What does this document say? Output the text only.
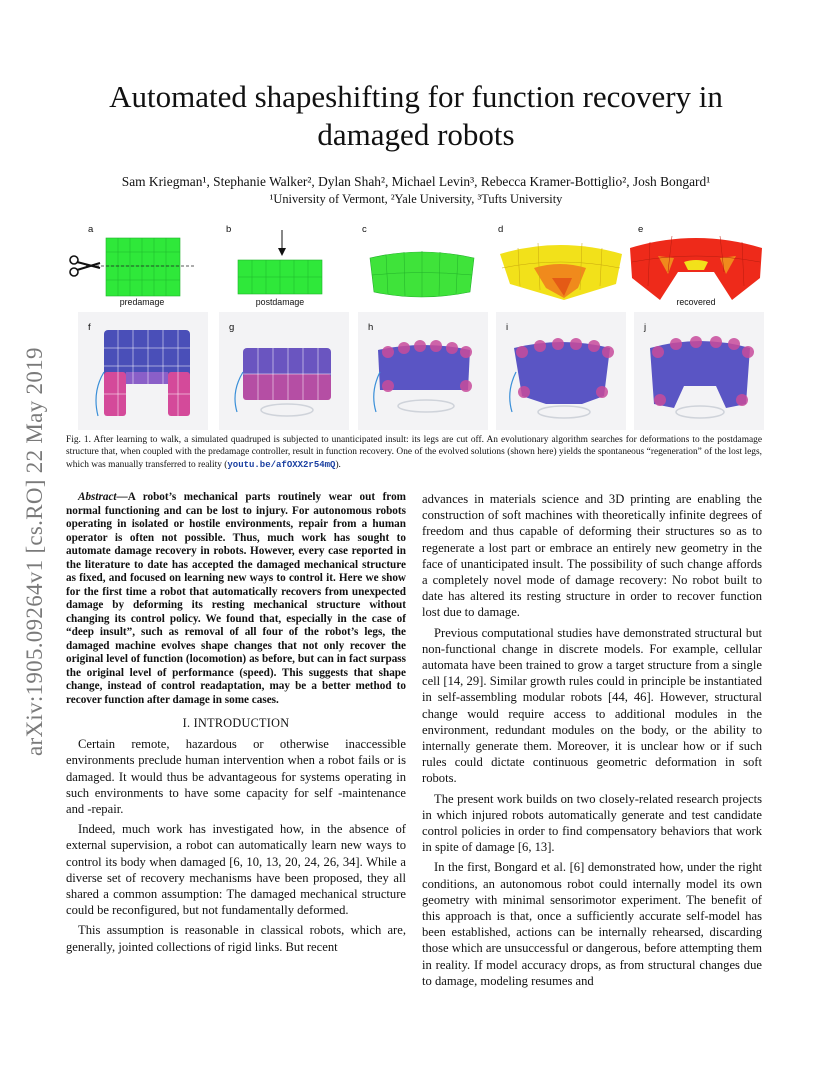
arXiv:1905.09264v1 [cs.RO] 22 May 2019
Automated shapeshifting for function recovery in damaged robots
Sam Kriegman¹, Stephanie Walker², Dylan Shah², Michael Levin³, Rebecca Kramer-Bottiglio², Josh Bongard¹
¹University of Vermont, ²Yale University, ³Tufts University
a	b	c	d	e
predamage	postdamage	recovered
f	g	h	i	j
Fig. 1. After learning to walk, a simulated quadruped is subjected to unanticipated insult: its legs are cut off. An evolutionary algorithm searches for deformations to the postdamage structure that, when coupled with the predamage controller, result in function recovery. One of the evolved solutions (shown here) yields the spontaneous “regeneration” of the lost legs, which was manually transferred to reality (youtu.be/afOXX2r54mQ).

Abstract—A robot’s mechanical parts routinely wear out from normal functioning and can be lost to injury. For autonomous robots operating in isolated or hostile environments, repair from a human operator is often not possible. Thus, much work has sought to automate damage recovery in robots. However, every case reported in the literature to date has accepted the damaged mechanical structure as fixed, and focused on learning new ways to control it. Here we show for the first time a robot that automatically recovers from unexpected damage by deforming its resting mechanical structure without changing its control policy. We found that, especially in the case of “deep insult”, such as removal of all four of the robot’s legs, the damaged machine evolves shape changes that not only recover the original level of function (locomotion) as before, but can in fact surpass the original level of performance (speed). This suggests that shape change, instead of control readaptation, may be a better method to recover function after damage in some cases.

I. INTRODUCTION

Certain remote, hazardous or otherwise inaccessible environments preclude human intervention when a robot fails or is damaged. It would thus be advantageous for systems operating in such environments to have some capacity for self -maintenance and -repair.

Indeed, much work has investigated how, in the absence of external supervision, a robot can automatically learn new ways to control its body when damaged [6, 10, 13, 20, 24, 26, 34]. While a diverse set of recovery mechanisms have been proposed, they all shared a common assumption: The damaged mechanical structure could be reconfigured, but not fundamentally deformed.

This assumption is reasonable in classical robots, which are, generally, jointed collections of rigid links. But recent

advances in materials science and 3D printing are enabling the construction of soft machines with theoretically infinite degrees of freedom and thus capable of deforming their structures so as to regenerate a lost part or embrace an entirely new geometry in the face of unanticipated insult. The possibility of such change affords a completely novel mode of damage recovery: No robot built to date has altered its resting structure in order to recover function lost due to damage.

Previous computational studies have demonstrated structural but non-functional change in discrete models. For example, cellular automata have been trained to grow a target structure from a single cell [14, 29]. Similar growth rules could in principle be instantiated in self-assembling modular robots [44, 46]. However, structural change would require access to additional modules in the environment, redundant modules on the body, or the ability to internally generate them. Moreover, it is unclear how or if such rules could dictate continuous geometric deformation in soft robots.

The present work builds on two closely-related research projects in which injured robots automatically generate and test candidate control policies in order to find compensatory behaviors that work in spite of damage [6, 13].

In the first, Bongard et al. [6] demonstrated how, under the right conditions, an autonomous robot could internally model its own geometry with minimal sensorimotor experiment. The benefit of this approach is that, once a sufficiently accurate self-model has been established, actions can be internally rehearsed, discarding those which are unsuccessful or dangerous, before attempting them in reality. If model accuracy drops, as from structural changes due to damage, modeling resumes and
